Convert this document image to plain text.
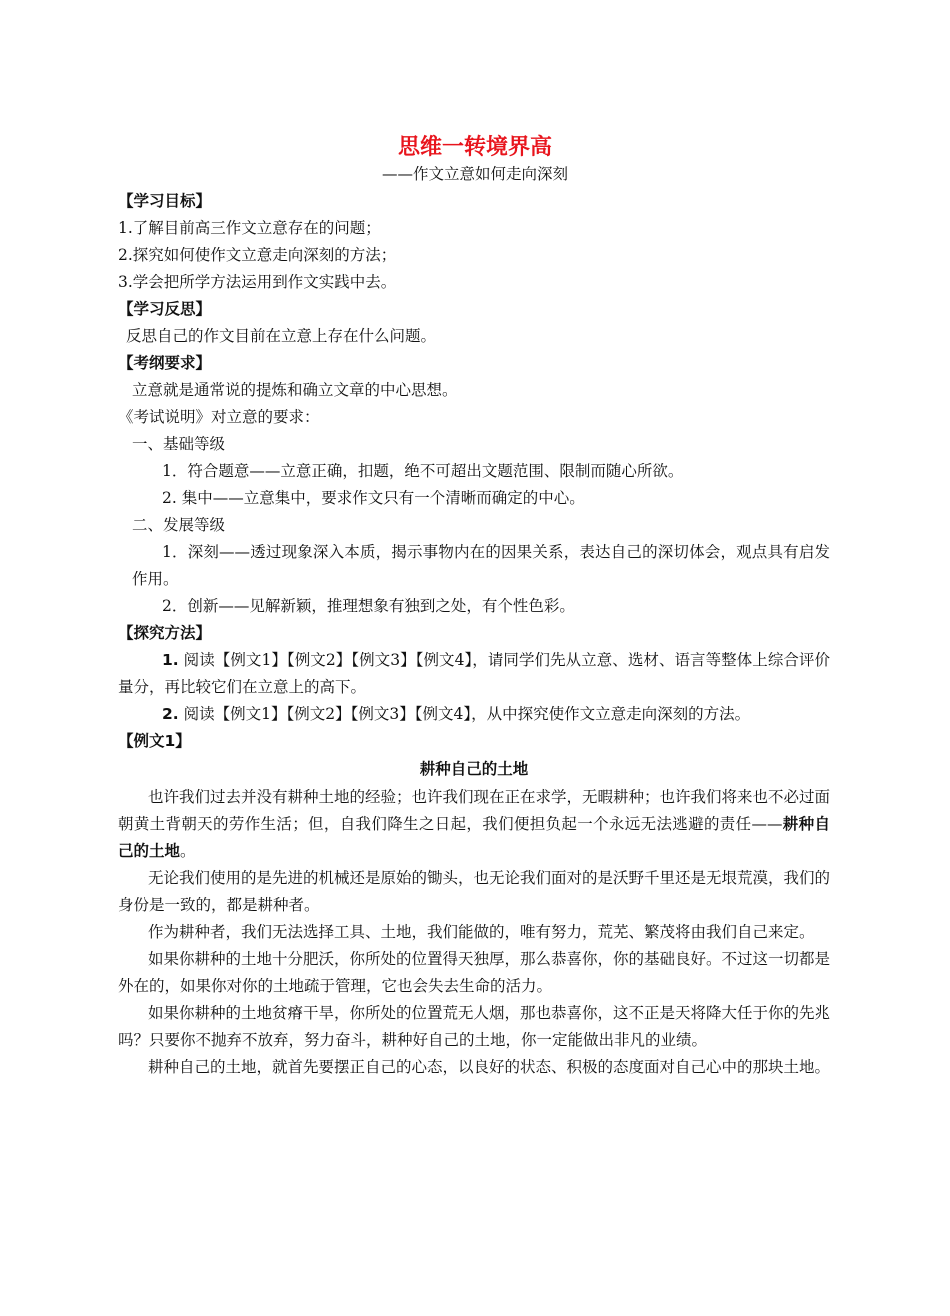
思维一转境界高
——作文立意如何走向深刻
【学习目标】
1.了解目前高三作文立意存在的问题；
2.探究如何使作文立意走向深刻的方法；
3.学会把所学方法运用到作文实践中去。
【学习反思】
反思自己的作文目前在立意上存在什么问题。
【考纲要求】
立意就是通常说的提炼和确立文章的中心思想。
《考试说明》对立意的要求：
一、基础等级
1．符合题意——立意正确，扣题，绝不可超出文题范围、限制而随心所欲。
2. 集中——立意集中，要求作文只有一个清晰而确定的中心。
二、发展等级
1．深刻——透过现象深入本质，揭示事物内在的因果关系，表达自己的深切体会，观点具有启发作用。
2．创新——见解新颖，推理想象有独到之处，有个性色彩。
【探究方法】
1. 阅读【例文1】【例文2】【例文3】【例文4】，请同学们先从立意、选材、语言等整体上综合评价量分，再比较它们在立意上的高下。
2. 阅读【例文1】【例文2】【例文3】【例文4】，从中探究使作文立意走向深刻的方法。
【例文1】
耕种自己的土地
也许我们过去并没有耕种土地的经验；也许我们现在正在求学，无暇耕种；也许我们将来也不必过面朝黄土背朝天的劳作生活；但，自我们降生之日起，我们便担负起一个永远无法逃避的责任——耕种自己的土地。
无论我们使用的是先进的机械还是原始的锄头，也无论我们面对的是沃野千里还是无垠荒漠，我们的身份是一致的，都是耕种者。
作为耕种者，我们无法选择工具、土地，我们能做的，唯有努力，荒芜、繁茂将由我们自己来定。
如果你耕种的土地十分肥沃，你所处的位置得天独厚，那么恭喜你，你的基础良好。不过这一切都是外在的，如果你对你的土地疏于管理，它也会失去生命的活力。
如果你耕种的土地贫瘠干旱，你所处的位置荒无人烟，那也恭喜你，这不正是天将降大任于你的先兆吗？只要你不抛弃不放弃，努力奋斗，耕种好自己的土地，你一定能做出非凡的业绩。
耕种自己的土地，就首先要摆正自己的心态，以良好的状态、积极的态度面对自己心中的那块土地。
